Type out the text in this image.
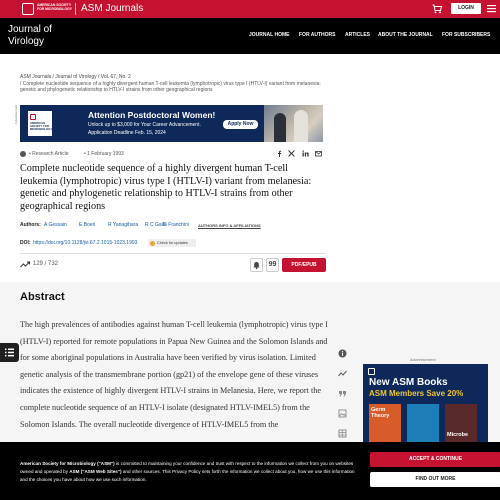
AMERICAN SOCIETY FOR MICROBIOLOGY ASM Journals	LOGIN
Journal of
Virology
JOURNAL HOME FOR AUTHORS ARTICLES ABOUT THE JOURNAL FOR SUBSCRIBERS
ASM Journals / Journal of Virology / Vol. 67, No. 2
/ Complete nucleotide sequence of a highly divergent human T-cell leukemia (lymphotropic) virus type I (HTLV-I) variant from melanesia: genetic and phylogenetic relationship to HTLV-I strains from other geographical regions
Advertisement	AMERICAN SOCIETY FOR MICROBIOLOGY
Attention Postdoctoral Women!
Unlock up to $3,000 for Your Career Advancement.
Application Deadline Feb. 15, 2024
Apply Now
• Research Article	• 1 February 1993
Complete nucleotide sequence of a highly divergent human T-cell leukemia (lymphotropic) virus type I (HTLV-I) variant from melanesia: genetic and phylogenetic relationship to HTLV-I strains from other geographical regions
Authors: A Gessain E Boeri	R Yanagihara R C Gallo
G Franchini AUTHORS INFO & AFFILIATIONS
DOI: https://doi.org/10.1128/jvi.67.2.1015-1023.1993	Check for updates
129 / 732	99	PDF/EPUB
Abstract
The high prevalences of antibodies against human T-cell leukemia (lymphotropic) virus type I (HTLV-I) reported for remote populations in Papua New Guinea and the Solomon Islands and for some aboriginal populations in Australia have been verified by virus isolation. Limited genetic analysis of the transmembrane portion (gp21) of the envelope gene of these viruses indicates the existence of highly divergent HTLV-I strains in Melanesia. Here, we report the complete nucleotide sequence of an HTLV-I isolate (designated HTLV-IMEL5) from the Solomon Islands. The overall nucleotide divergence of HTLV-IMEL5 from the
Advertisement
New ASM Books
ASM Members Save 20%
Germ Theory
Microbe
American Society for Microbiology ("ASM") is committed to maintaining your confidence and trust with respect to the information we collect from you on websites owned and operated by ASM ("ASM Web Sites") and other sources. This Privacy Policy sets forth the information we collect about you, how we use this information and the choices you have about how we use such information.
ACCEPT & CONTINUE
FIND OUT MORE
